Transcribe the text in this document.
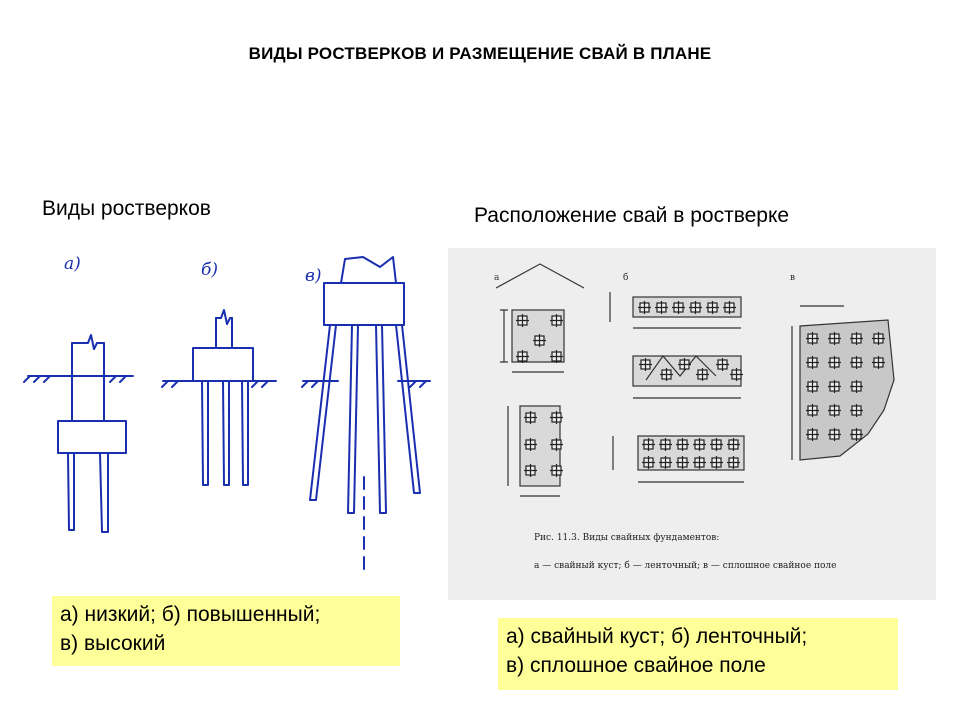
ВИДЫ РОСТВЕРКОВ И РАЗМЕЩЕНИЕ СВАЙ В ПЛАНЕ
Виды ростверков	Расположение свай в ростверке
а)	б)	в)	а	б	в
Рис. 11.3. Виды свайных фундаментов:
а — свайный куст; б — ленточный; в — сплошное свайное поле
а) низкий; б) повышенный;
в) высокий	а) свайный куст; б) ленточный;
в) сплошное свайное поле
